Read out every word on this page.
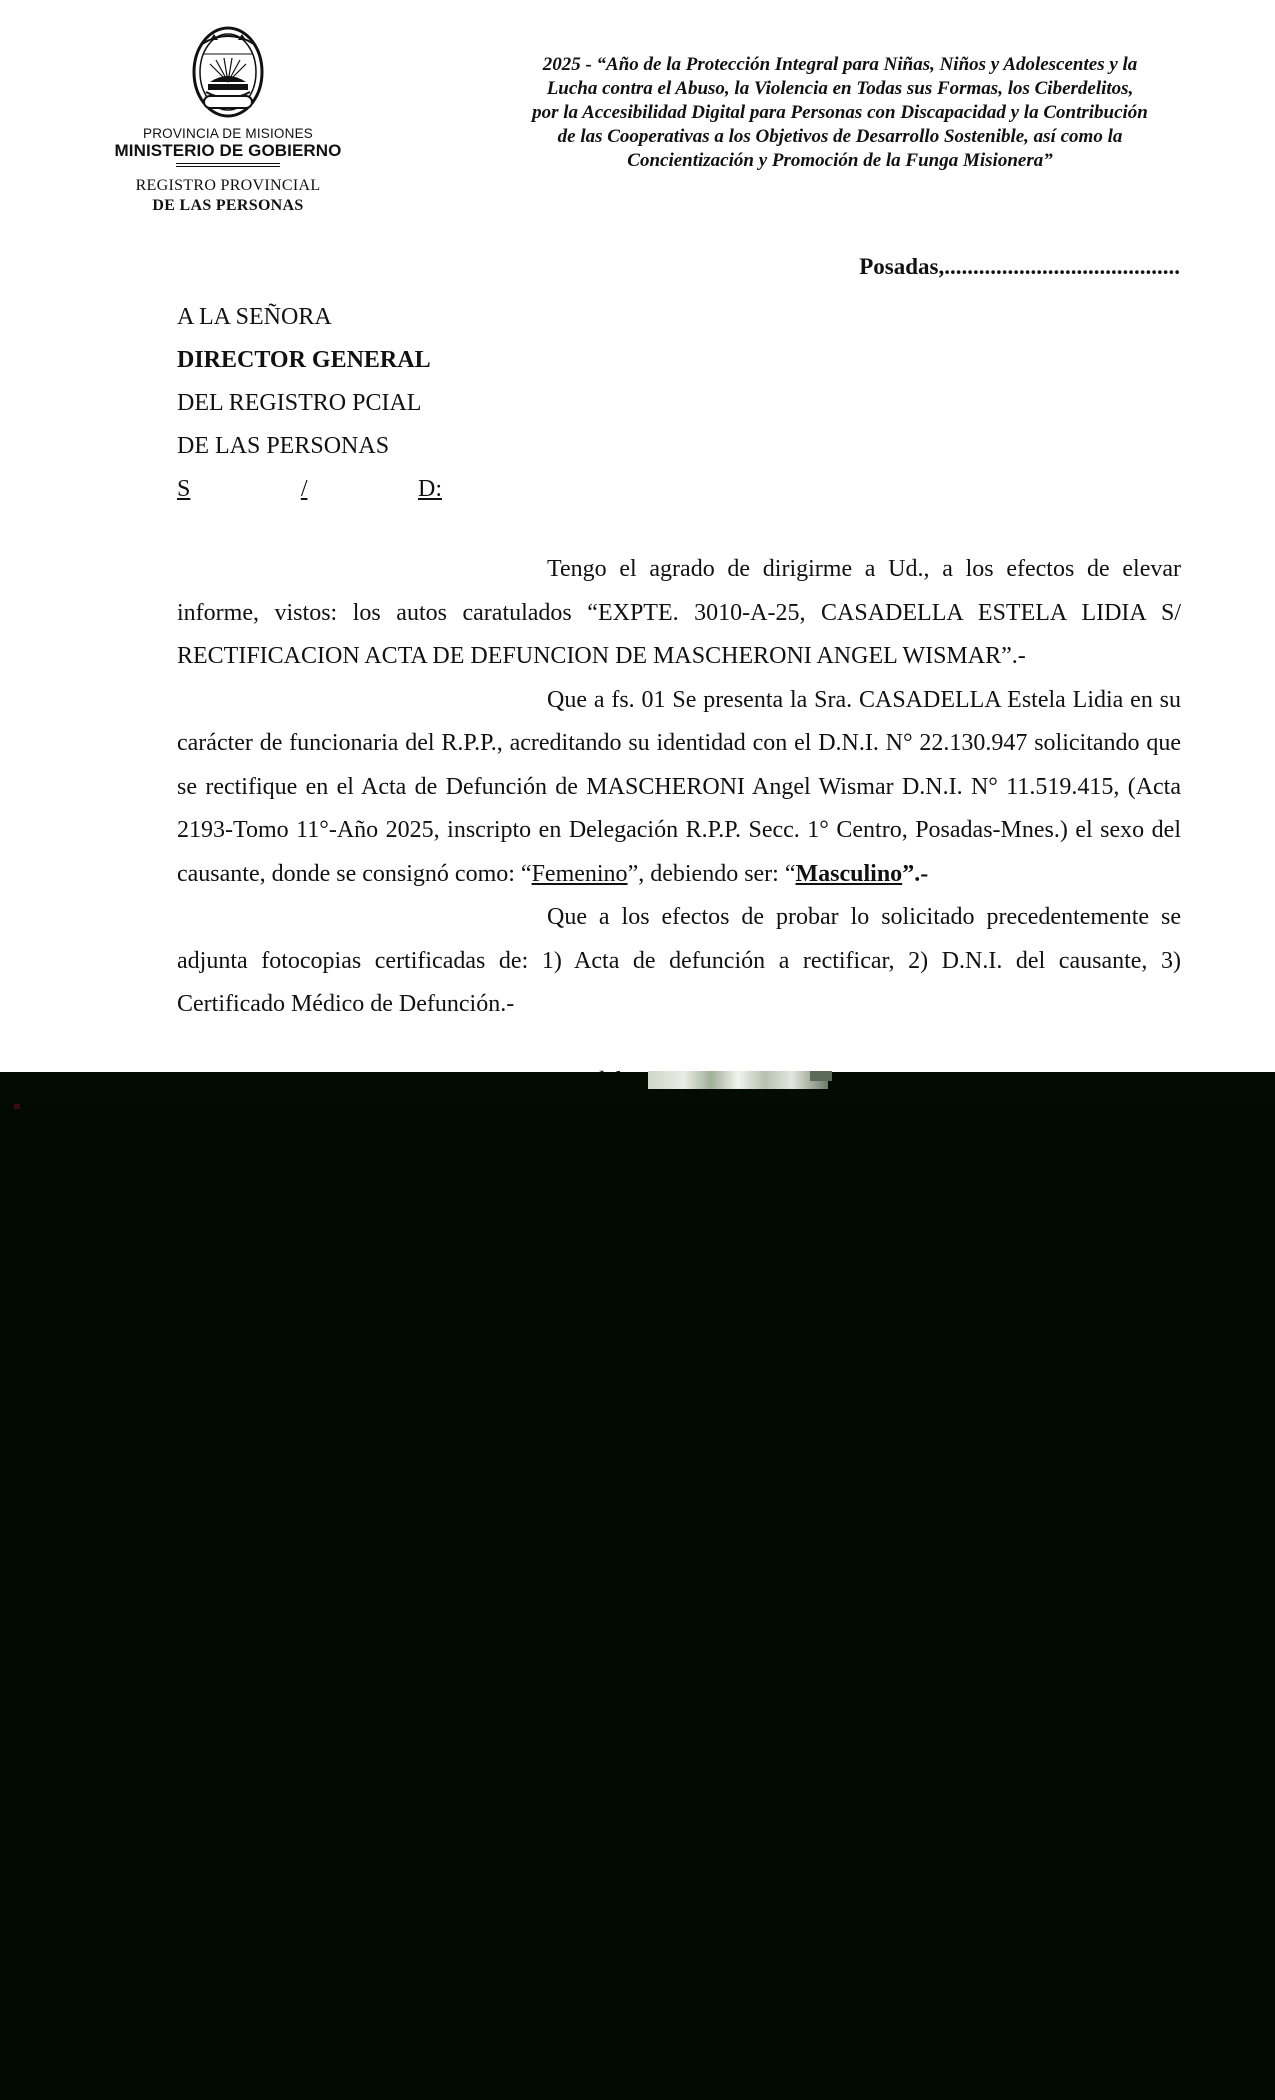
PROVINCIA DE MISIONES
MINISTERIO DE GOBIERNO
REGISTRO PROVINCIAL
DE LAS PERSONAS
2025 - “Año de la Protección Integral para Niñas, Niños y Adolescentes y la
Lucha contra el Abuso, la Violencia en Todas sus Formas, los Ciberdelitos,
por la Accesibilidad Digital para Personas con Discapacidad y la Contribución
de las Cooperativas a los Objetivos de Desarrollo Sostenible, así como la
Concientización y Promoción de la Funga Misionera”
Posadas,.........................................
A LA SEÑORA
DIRECTOR GENERAL
DEL REGISTRO PCIAL
DE LAS PERSONAS
S	/	D:

Tengo el agrado de dirigirme a Ud., a los efectos de elevar informe, vistos: los autos caratulados “EXPTE. 3010-A-25, CASADELLA ESTELA LIDIA S/ RECTIFICACION ACTA DE DEFUNCION DE MASCHERONI ANGEL WISMAR”.-

Que a fs. 01 Se presenta la Sra. CASADELLA Estela Lidia en su carácter de funcionaria del R.P.P., acreditando su identidad con el D.N.I. N° 22.130.947 solicitando que se rectifique en el Acta de Defunción de MASCHERONI Angel Wismar D.N.I. N° 11.519.415, (Acta 2193-Tomo 11°-Año 2025, inscripto en Delegación R.P.P. Secc. 1° Centro, Posadas-Mnes.) el sexo del causante, donde se consignó como: “Femenino”, debiendo ser: “Masculino”.-

Que a los efectos de probar lo solicitado precedentemente se adjunta fotocopias certificadas de: 1) Acta de defunción a rectificar, 2) D.N.I. del causante, 3) Certificado Médico de Defunción.-
